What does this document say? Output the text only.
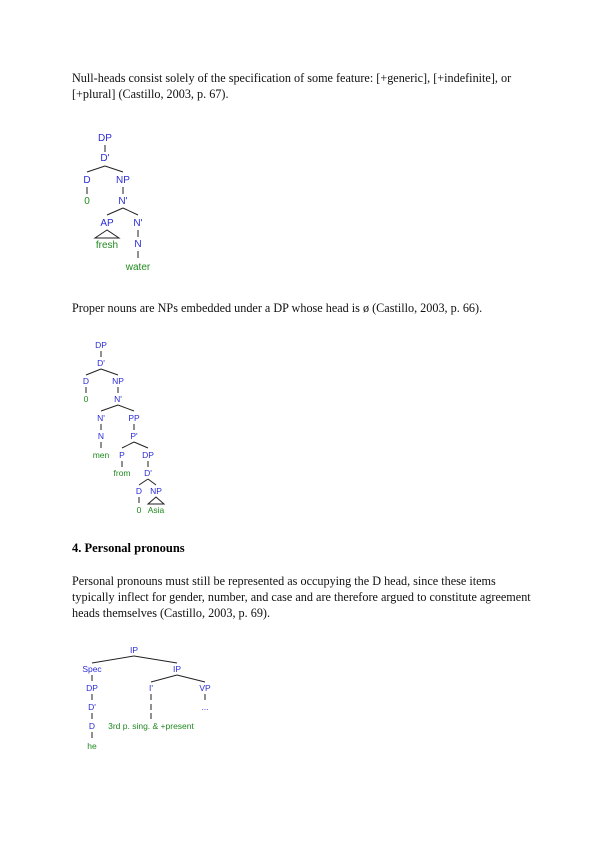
Null-heads consist solely of the specification of some feature: [+generic], [+indefinite], or [+plural] (Castillo, 2003, p. 67).

DP
D'
D
0
NP
N'
AP
fresh
N'
N
water

Proper nouns are NPs embedded under a DP whose head is ø (Castillo, 2003, p. 66).

DP
D'
D
0
NP
N'
N'
N
men
PP
P'
P
from
DP
D'
D
0
NP
Asia

4. Personal pronouns

Personal pronouns must still be represented as occupying the D head, since these items typically inflect for gender, number, and case and are therefore argued to constitute agreement heads themselves (Castillo, 2003, p. 69).

IP
Spec
DP
D'
D
he
IP
I'
3rd p. sing. & +present
VP
...
